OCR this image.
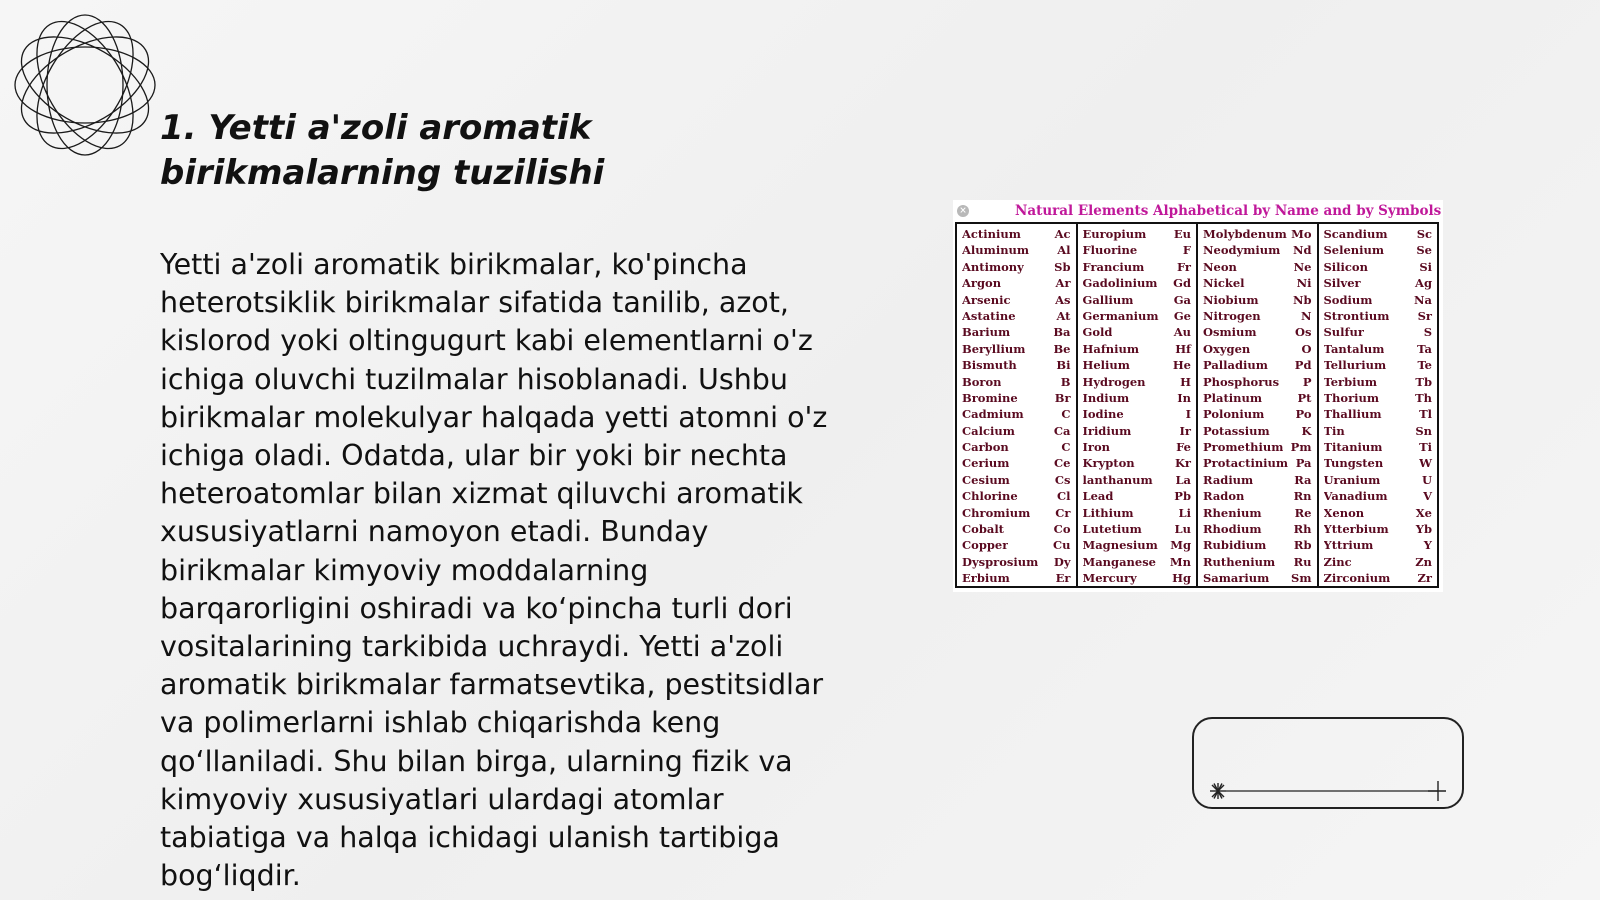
1. Yetti a'zoli aromatik birikmalarning tuzilishi

Yetti a'zoli aromatik birikmalar, ko'pincha heterotsiklik birikmalar sifatida tanilib, azot, kislorod yoki oltingugurt kabi elementlarni o'z ichiga oluvchi tuzilmalar hisoblanadi. Ushbu birikmalar molekulyar halqada yetti atomni o'z ichiga oladi. Odatda, ular bir yoki bir nechta heteroatomlar bilan xizmat qiluvchi aromatik xususiyatlarni namoyon etadi. Bunday birikmalar kimyoviy moddalarning barqarorligini oshiradi va ko‘pincha turli dori vositalarining tarkibida uchraydi. Yetti a'zoli aromatik birikmalar farmatsevtika, pestitsidlar va polimerlarni ishlab chiqarishda keng qo‘llaniladi. Shu bilan birga, ularning fizik va kimyoviy xususiyatlari ulardagi atomlar tabiatiga va halqa ichidagi ulanish tartibiga bog‘liqdir.

×	Natural Elements Alphabetical by Name and by Symbols
Actinium	Ac
Aluminum Al
Antimony	Sb
Argon	Ar
Arsenic	As
Astatine	At
Barium	Ba
Beryllium Be
Bismuth	Bi
Boron	B
Bromine	Br
Cadmium	C
Calcium	Ca
Carbon	C
Cerium	Ce
Cesium	Cs
Chlorine	Cl
Chromium Cr
Cobalt	Co
Copper	Cu
Dysprosium Dy
Erbium	Er
Europium Eu
Fluorine	F
Francium	Fr
Gadolinium Gd
Gallium	Ga
Germanium Ge
Gold	Au
Hafnium	Hf
Helium	He
Hydrogen	H
Indium	In
Iodine	I
Iridium	Ir
Iron	Fe
Krypton	Kr
lanthanum La
Lead	Pb
Lithium	Li
Lutetium	Lu
Magnesium Mg
Manganese Mn
Mercury	Hg
Molybdenum Mo
Neodymium Nd
Neon	Ne
Nickel	Ni
Niobium	Nb
Nitrogen	N
Osmium	Os
Oxygen	O
Palladium Pd
Phosphorus P
Platinum	Pt
Polonium	Po
Potassium	K
Promethium Pm
Protactinium Pa
Radium	Ra
Radon	Rn
Rhenium	Re
Rhodium	Rh
Rubidium Rb
Ruthenium Ru
Samarium Sm
Scandium	Sc
Selenium	Se
Silicon	Si
Silver	Ag
Sodium	Na
Strontium Sr
Sulfur	S
Tantalum	Ta
Tellurium	Te
Terbium	Tb
Thorium	Th
Thallium	Tl
Tin	Sn
Titanium	Ti
Tungsten	W
Uranium	U
Vanadium	V
Xenon	Xe
Ytterbium Yb
Yttrium	Y
Zinc	Zn
Zirconium Zr
